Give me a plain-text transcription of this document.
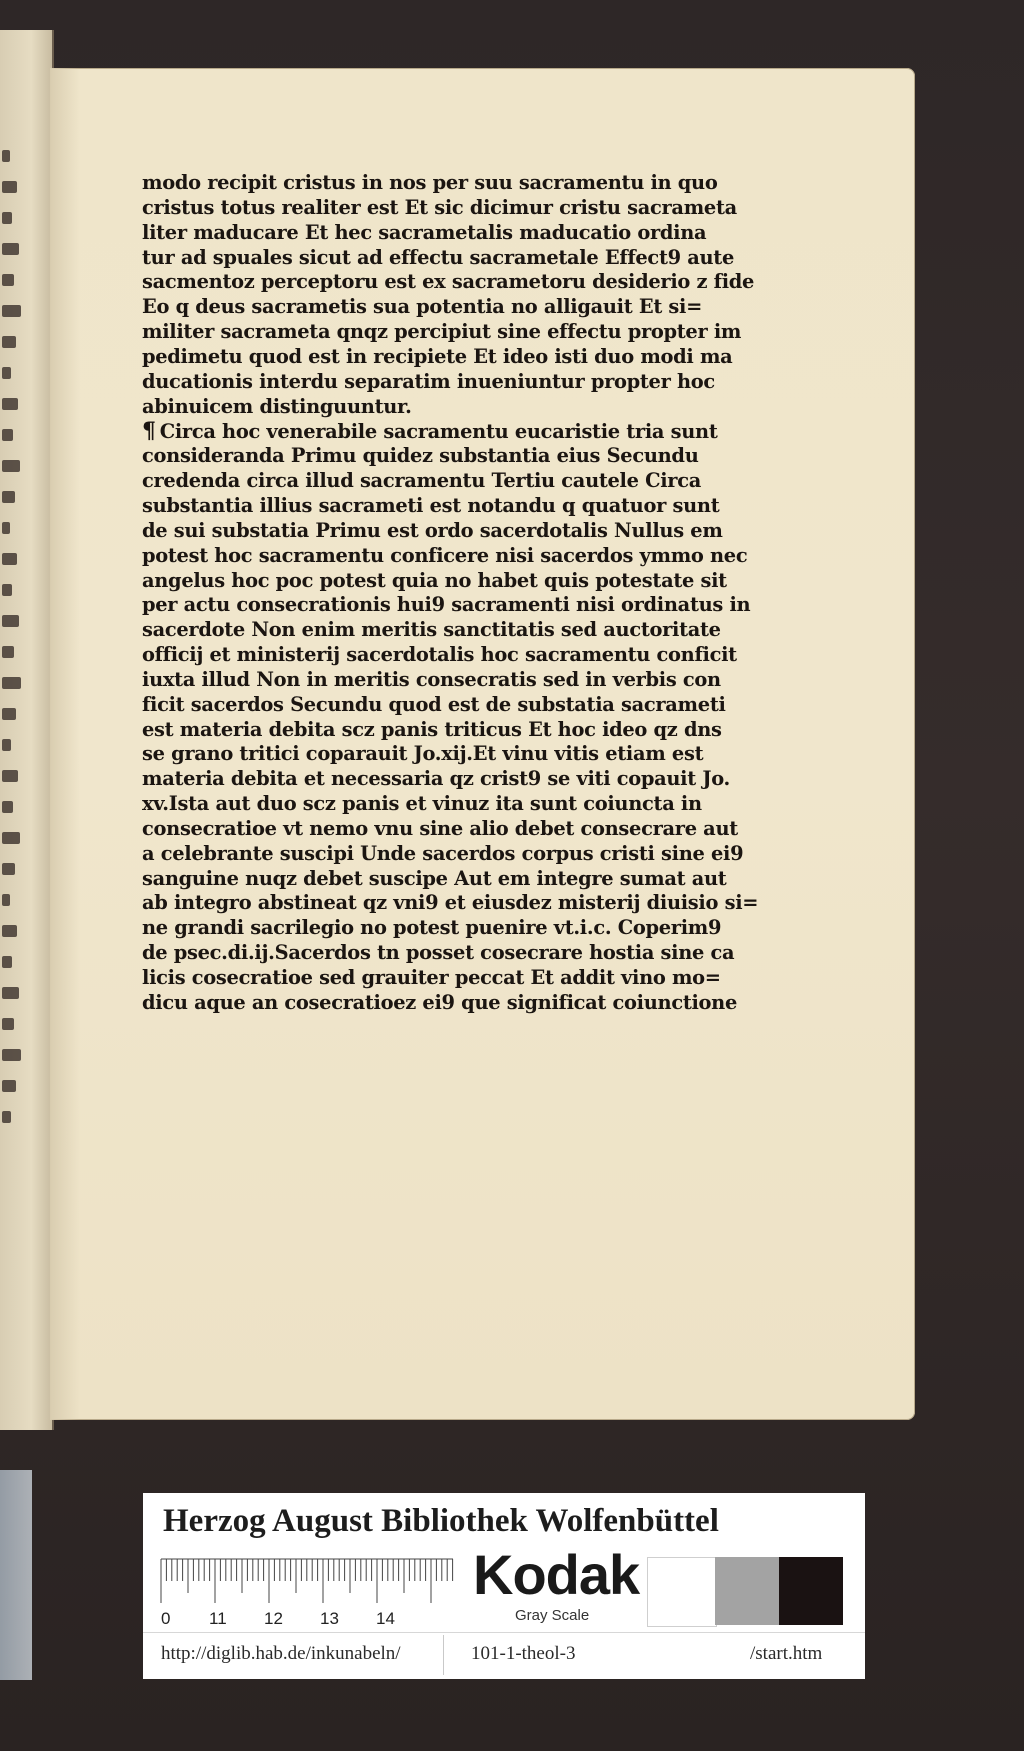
modo recipit cristus in nos per suu sacramentu in quo
cristus totus realiter est Et sic dicimur cristu sacrameta
liter maducare Et hec sacrametalis maducatio ordina
tur ad spuales sicut ad effectu sacrametale Effect9 aute
sacmentoz perceptoru est ex sacrametoru desiderio z fide
Eo q deus sacrametis sua potentia no alligauit Et si=
militer sacrameta qnqz percipiut sine effectu propter im
pedimetu quod est in recipiete Et ideo isti duo modi ma
ducationis interdu separatim inueniuntur propter hoc
abinuicem distinguuntur.
¶ Circa hoc venerabile sacramentu eucaristie tria sunt
consideranda Primu quidez substantia eius Secundu
credenda circa illud sacramentu Tertiu cautele Circa
substantia illius sacrameti est notandu q quatuor sunt
de sui substatia Primu est ordo sacerdotalis Nullus em
potest hoc sacramentu conficere nisi sacerdos ymmo nec
angelus hoc poc potest quia no habet quis potestate sit
per actu consecrationis hui9 sacramenti nisi ordinatus in
sacerdote Non enim meritis sanctitatis sed auctoritate
officij et ministerij sacerdotalis hoc sacramentu conficit
iuxta illud Non in meritis consecratis sed in verbis con
ficit sacerdos Secundu quod est de substatia sacrameti
est materia debita scz panis triticus Et hoc ideo qz dns
se grano tritici coparauit Jo.xij.Et vinu vitis etiam est
materia debita et necessaria qz crist9 se viti copauit Jo.
xv.Ista aut duo scz panis et vinuz ita sunt coiuncta in
consecratioe vt nemo vnu sine alio debet consecrare aut
a celebrante suscipi Unde sacerdos corpus cristi sine ei9
sanguine nuqz debet suscipe Aut em integre sumat aut
ab integro abstineat qz vni9 et eiusdez misterij diuisio si=
ne grandi sacrilegio no potest puenire vt.i.c. Coperim9
de psec.di.ij.Sacerdos tn posset cosecrare hostia sine ca
licis cosecratioe sed grauiter peccat Et addit vino mo=
dicu aque an cosecratioez ei9 que significat coiunctione
Herzog August Bibliothek Wolfenbüttel
0 11 12 13 14
Kodak
Gray Scale
http://diglib.hab.de/inkunabeln/	101-1-theol-3	/start.htm
